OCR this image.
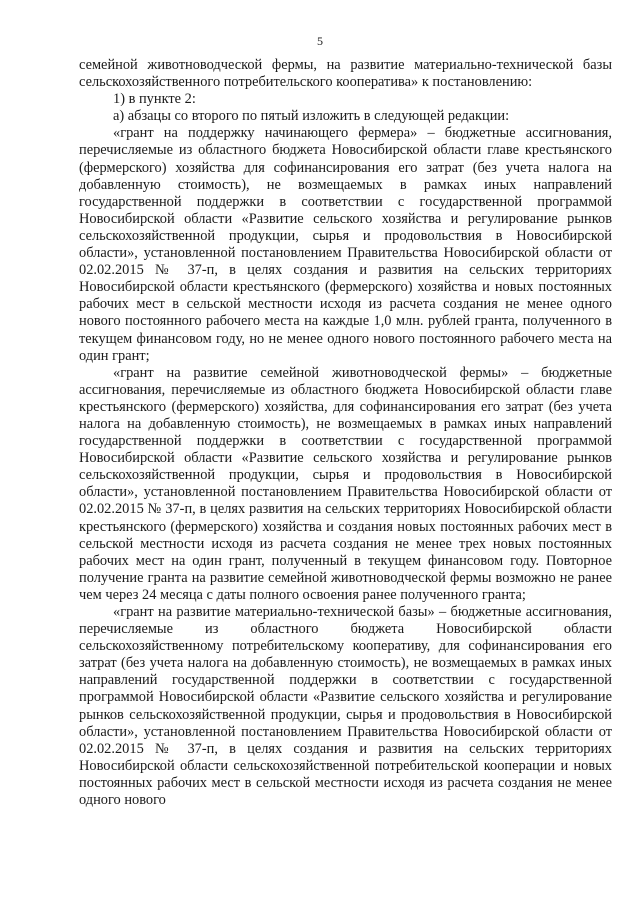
5

семейной животноводческой фермы, на развитие материально-технической базы сельскохозяйственного потребительского кооператива» к постановлению:

1) в пункте 2:

а) абзацы со второго по пятый изложить в следующей редакции:

«грант на поддержку начинающего фермера» – бюджетные ассигнования, перечисляемые из областного бюджета Новосибирской области главе крестьянского (фермерского) хозяйства для софинансирования его затрат (без учета налога на добавленную стоимость), не возмещаемых в рамках иных направлений государственной поддержки в соответствии с государственной программой Новосибирской области «Развитие сельского хозяйства и регулирование рынков сельскохозяйственной продукции, сырья и продовольствия в Новосибирской области», установленной постановлением Правительства Новосибирской области от 02.02.2015 № 37-п, в целях создания и развития на сельских территориях Новосибирской области крестьянского (фермерского) хозяйства и новых постоянных рабочих мест в сельской местности исходя из расчета создания не менее одного нового постоянного рабочего места на каждые 1,0 млн. рублей гранта, полученного в текущем финансовом году, но не менее одного нового постоянного рабочего места на один грант;

«грант на развитие семейной животноводческой фермы» – бюджетные ассигнования, перечисляемые из областного бюджета Новосибирской области главе крестьянского (фермерского) хозяйства, для софинансирования его затрат (без учета налога на добавленную стоимость), не возмещаемых в рамках иных направлений государственной поддержки в соответствии с государственной программой Новосибирской области «Развитие сельского хозяйства и регулирование рынков сельскохозяйственной продукции, сырья и продовольствия в Новосибирской области», установленной постановлением Правительства Новосибирской области от 02.02.2015 № 37-п, в целях развития на сельских территориях Новосибирской области крестьянского (фермерского) хозяйства и создания новых постоянных рабочих мест в сельской местности исходя из расчета создания не менее трех новых постоянных рабочих мест на один грант, полученный в текущем финансовом году. Повторное получение гранта на развитие семейной животноводческой фермы возможно не ранее чем через 24 месяца с даты полного освоения ранее полученного гранта;

«грант на развитие материально-технической базы» – бюджетные ассигнования, перечисляемые из областного бюджета Новосибирской области сельскохозяйственному потребительскому кооперативу, для софинансирования его затрат (без учета налога на добавленную стоимость), не возмещаемых в рамках иных направлений государственной поддержки в соответствии с государственной программой Новосибирской области «Развитие сельского хозяйства и регулирование рынков сельскохозяйственной продукции, сырья и продовольствия в Новосибирской области», установленной постановлением Правительства Новосибирской области от 02.02.2015 № 37-п, в целях создания и развития на сельских территориях Новосибирской области сельскохозяйственной потребительской кооперации и новых постоянных рабочих мест в сельской местности исходя из расчета создания не менее одного нового
